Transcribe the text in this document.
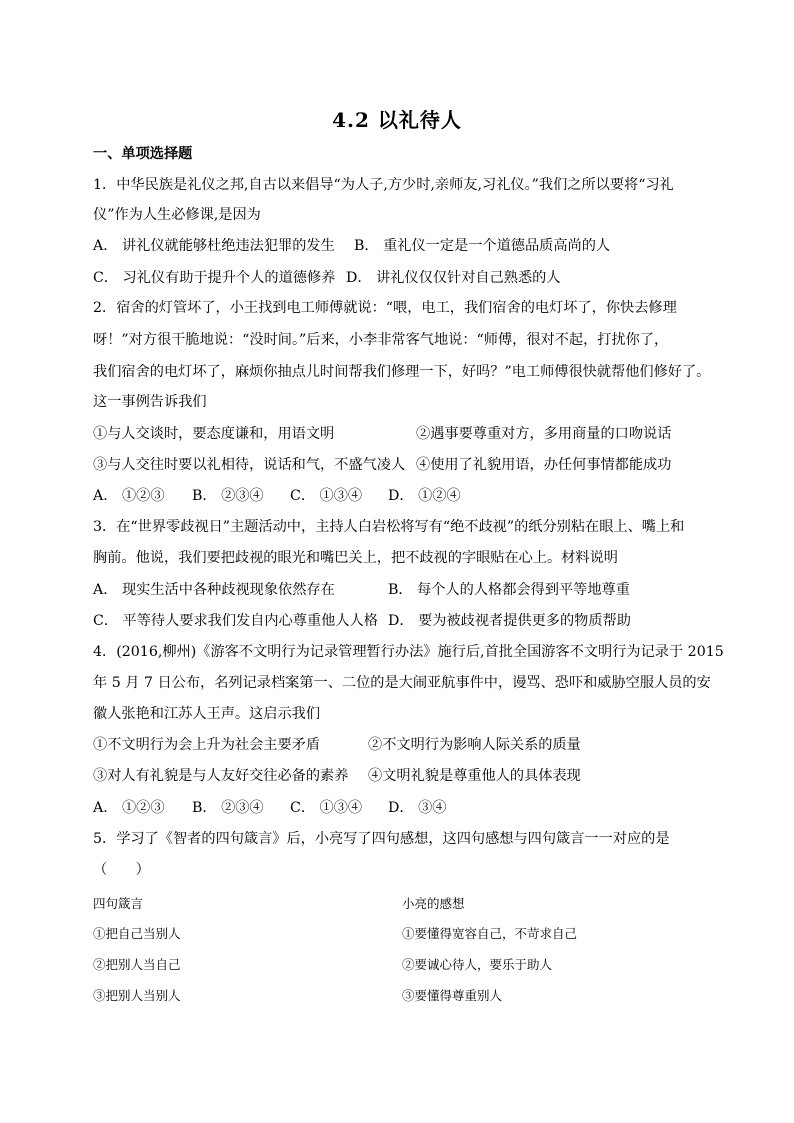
4.2 以礼待人
一、单项选择题
1．中华民族是礼仪之邦,自古以来倡导“为人子,方少时,亲师友,习礼仪。”我们之所以要将“习礼
仪”作为人生必修课,是因为
A． 讲礼仪就能够杜绝违法犯罪的发生 B． 重礼仪一定是一个道德品质高尚的人
C． 习礼仪有助于提升个人的道德修养 D． 讲礼仪仅仅针对自己熟悉的人
2．宿舍的灯管坏了，小王找到电工师傅就说：“喂，电工，我们宿舍的电灯坏了，你快去修理
呀！”对方很干脆地说：“没时间。”后来，小李非常客气地说：“师傅，很对不起，打扰你了，
我们宿舍的电灯坏了，麻烦你抽点儿时间帮我们修理一下，好吗？”电工师傅很快就帮他们修好了。
这一事例告诉我们
①与人交谈时，要态度谦和，用语文明	②遇事要尊重对方，多用商量的口吻说话
③与人交往时要以礼相待，说话和气，不盛气凌人 ④使用了礼貌用语，办任何事情都能成功
A． ①②③ B． ②③④ C． ①③④ D． ①②④
3．在“世界零歧视日”主题活动中，主持人白岩松将写有“绝不歧视”的纸分别粘在眼上、嘴上和
胸前。他说，我们要把歧视的眼光和嘴巴关上，把不歧视的字眼贴在心上。材料说明
A． 现实生活中各种歧视现象依然存在	B． 每个人的人格都会得到平等地尊重
C． 平等待人要求我们发自内心尊重他人人格 D． 要为被歧视者提供更多的物质帮助
4．(2016,柳州)《游客不文明行为记录管理暂行办法》施行后,首批全国游客不文明行为记录于 2015
年 5 月 7 日公布，名列记录档案第一、二位的是大闹亚航事件中，谩骂、恐吓和威胁空服人员的安
徽人张艳和江苏人王声。这启示我们
①不文明行为会上升为社会主要矛盾	②不文明行为影响人际关系的质量
③对人有礼貌是与人友好交往必备的素养 ④文明礼貌是尊重他人的具体表现
A． ①②③ B． ②③④ C． ①③④ D． ③④
5．学习了《智者的四句箴言》后，小亮写了四句感想，这四句感想与四句箴言一一对应的是
（　　）
四句箴言	小亮的感想
①把自己当别人	①要懂得宽容自己，不苛求自己
②把别人当自己	②要诚心待人，要乐于助人
③把别人当别人	③要懂得尊重别人
